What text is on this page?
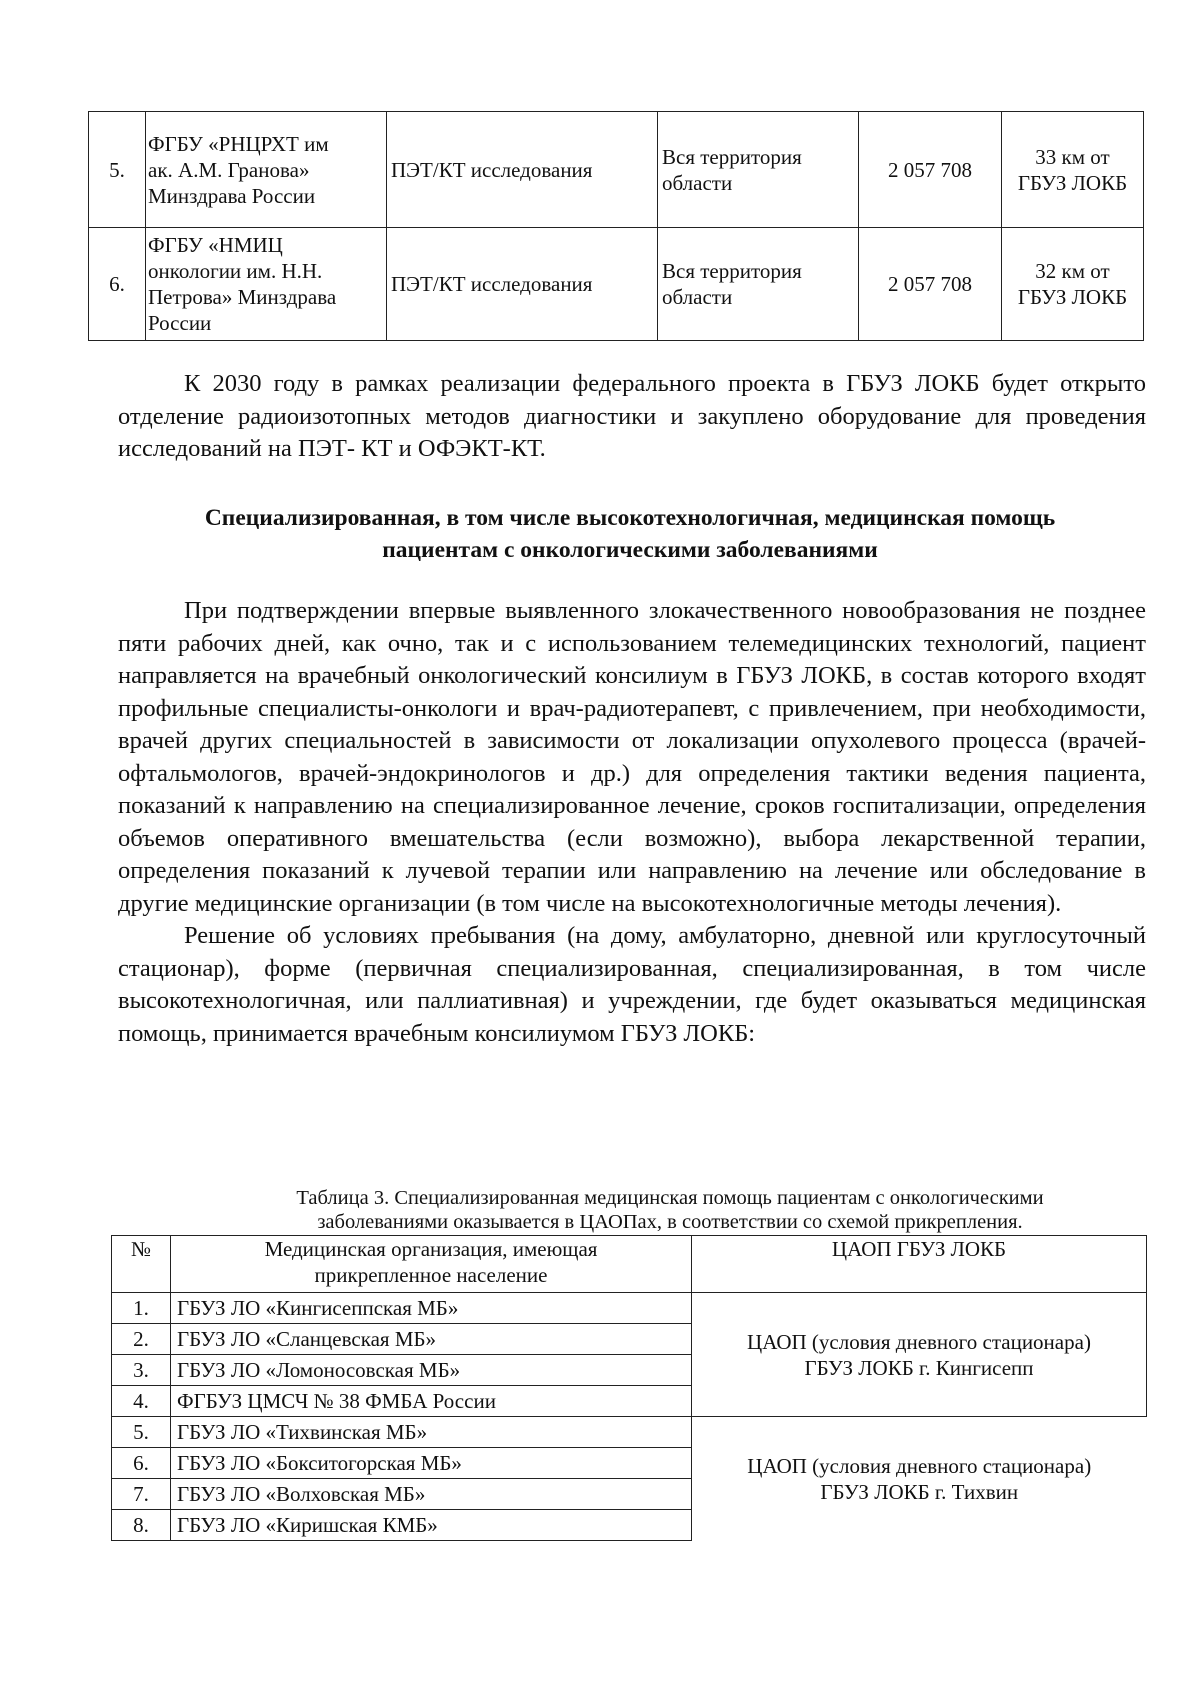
5.	ФГБУ «РНЦРХТ им
ак. А.М. Гранова»
Минздрава России	ПЭТ/КТ исследования	Вся территория
области	2 057 708	33 км от
ГБУЗ ЛОКБ
6.	ФГБУ «НМИЦ
онкологии им. Н.Н.
Петрова» Минздрава
России	ПЭТ/КТ исследования	Вся территория
области	2 057 708	32 км от
ГБУЗ ЛОКБ

К 2030 году в рамках реализации федерального проекта в ГБУЗ ЛОКБ будет открыто отделение радиоизотопных методов диагностики и закуплено оборудование для проведения исследований на ПЭТ- КТ и ОФЭКТ-КТ.

Специализированная, в том числе высокотехнологичная, медицинская помощь
пациентам с онкологическими заболеваниями

При подтверждении впервые выявленного злокачественного новообразования не позднее пяти рабочих дней, как очно, так и с использованием телемедицинских технологий, пациент направляется на врачебный онкологический консилиум в ГБУЗ ЛОКБ, в состав которого входят профильные специалисты-онкологи и врач-радиотерапевт, с привлечением, при необходимости, врачей других специальностей в зависимости от локализации опухолевого процесса (врачей-офтальмологов, врачей-эндокринологов и др.) для определения тактики ведения пациента, показаний к направлению на специализированное лечение, сроков госпитализации, определения объемов оперативного вмешательства (если возможно), выбора лекарственной терапии, определения показаний к лучевой терапии или направлению на лечение или обследование в другие медицинские организации (в том числе на высокотехнологичные методы лечения).

Решение об условиях пребывания (на дому, амбулаторно, дневной или круглосуточный стационар), форме (первичная специализированная, специализированная, в том числе высокотехнологичная, или паллиативная) и учреждении, где будет оказываться медицинская помощь, принимается врачебным консилиумом ГБУЗ ЛОКБ:

Таблица 3. Специализированная медицинская помощь пациентам с онкологическими
заболеваниями оказывается в ЦАОПах, в соответствии со схемой прикрепления.
№	Медицинская организация, имеющая
прикрепленное население	ЦАОП ГБУЗ ЛОКБ
1.	ГБУЗ ЛО «Кингисеппская МБ»	ЦАОП (условия дневного стационара)
ГБУЗ ЛОКБ г. Кингисепп

2.	ГБУЗ ЛО «Сланцевская МБ»	
3.	ГБУЗ ЛО «Ломоносовская МБ»	
4.	ФГБУЗ ЦМСЧ № 38 ФМБА России	
5.	ГБУЗ ЛО «Тихвинская МБ»	ЦАОП (условия дневного стационара)
ГБУЗ ЛОКБ г. Тихвин

6.	ГБУЗ ЛО «Бокситогорская МБ»	
7.	ГБУЗ ЛО «Волховская МБ»	
8.	ГБУЗ ЛО «Киришская КМБ»	
